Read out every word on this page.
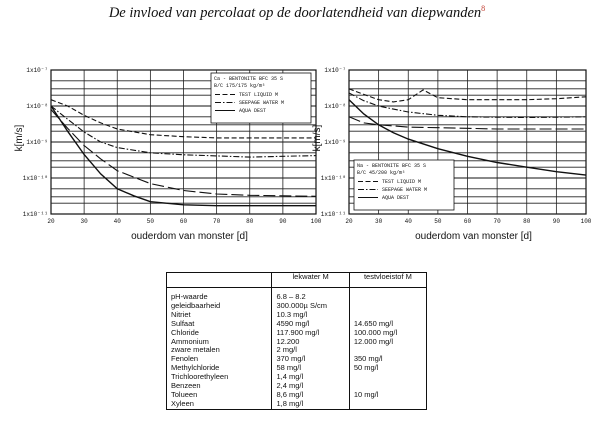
De invloed van percolaat op de doorlatendheid van diepwanden$^8$
1x10⁻⁷
1x10⁻⁸
1x10⁻⁹
1x10⁻¹⁰
1x10⁻¹¹
20	30	40	50	60	70	80	90	100
ouderdom van monster [d]
k[m/s]
Ca - BENTONITE BFC 35 S
B/C 175/175 kg/m³
TEST LIQUID M
SEEPAGE WATER M
AQUA DEST
1x10⁻⁷
1x10⁻⁸
1x10⁻⁹
1x10⁻¹⁰
1x10⁻¹¹
20	30	40	50	60	70	80	90	100
ouderdom van monster [d]
k[m/s]
Na - BENTONITE BFC 35 S
B/C 45/200 kg/m³
TEST LIQUID M
SEEPAGE WATER M
AQUA DEST
	lekwater M	testvloeistof M
pH-waarde	6.8 – 8.2	
geleidbaarheid	300.000µ S/cm	
Nitriet	10.3 mg/l	
Sulfaat	4590 mg/l	14.650 mg/l
Chloride	117.900 mg/l	100.000 mg/l
Ammonium	12.200	12.000 mg/l
zware metalen	2 mg/l	
Fenolen	370 mg/l	350 mg/l
Methylchloride	58 mg/l	50 mg/l
Trichloorethyleen	1,4 mg/l	
Benzeen	2,4 mg/l	
Tolueen	8,6 mg/l	10 mg/l
Xyleen	1,8 mg/l	
